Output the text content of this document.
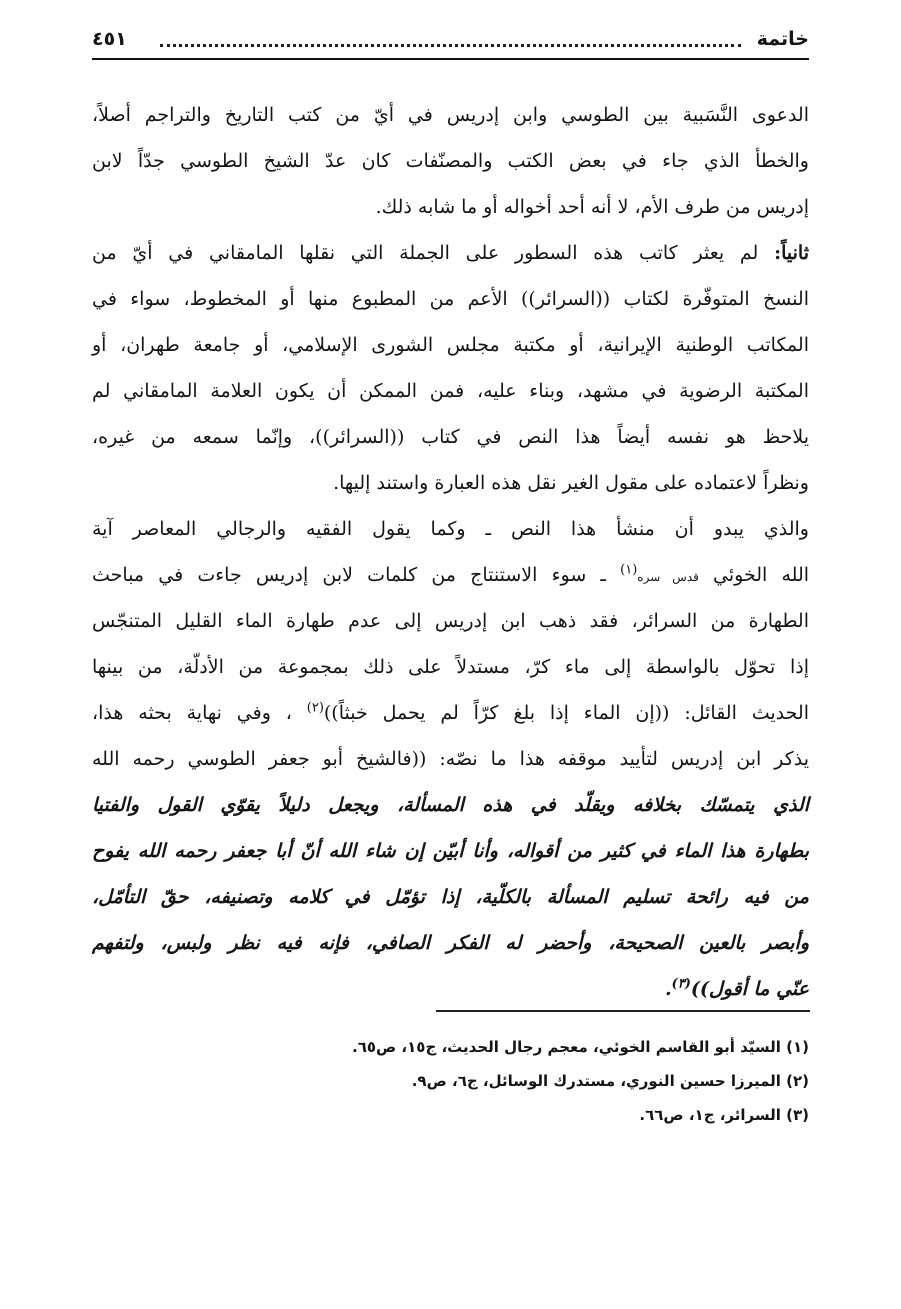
خاتمة
٤٥١
الدعوى النَّسَبية بين الطوسي وابن إدريس في أيّ من كتب التاريخ والتراجم أصلاً،
والخطأ الذي جاء في بعض الكتب والمصنّفات كان عدّ الشيخ الطوسي جدّاً لابن
إدريس من طرف الأم، لا أنه أحد أخواله أو ما شابه ذلك.
ثانياً: لم يعثر كاتب هذه السطور على الجملة التي نقلها المامقاني في أيّ من
النسخ المتوفّرة لكتاب ((السرائر)) الأعم من المطبوع منها أو المخطوط، سواء في
المكاتب الوطنية الإيرانية، أو مكتبة مجلس الشورى الإسلامي، أو جامعة طهران، أو
المكتبة الرضوية في مشهد، وبناء عليه، فمن الممكن أن يكون العلامة المامقاني لم
يلاحظ هو نفسه أيضاً هذا النص في كتاب ((السرائر))، وإنّما سمعه من غيره،
ونظراً لاعتماده على مقول الغير نقل هذه العبارة واستند إليها.
والذي يبدو أن منشأ هذا النص ـ وكما يقول الفقيه والرجالي المعاصر آية
الله الخوئي قدس سره$^{(١)}$ ـ سوء الاستنتاج من كلمات لابن إدريس جاءت في مباحث
الطهارة من السرائر، فقد ذهب ابن إدريس إلى عدم طهارة الماء القليل المتنجّس
إذا تحوّل بالواسطة إلى ماء كرّ، مستدلاً على ذلك بمجموعة من الأدلّة، من بينها
الحديث القائل: ((إن الماء إذا بلغ كرّاً لم يحمل خبثاً))$^{(٢)}$ ، وفي نهاية بحثه هذا،
يذكر ابن إدريس لتأييد موقفه هذا ما نصّه: ((فالشيخ أبو جعفر الطوسي رحمه الله
الذي يتمسّك بخلافه ويقلّد في هذه المسألة، ويجعل دليلاً يقوّي القول والفتيا
بطهارة هذا الماء في كثير من أقواله، وأنا أبيّن إن شاء الله أنّ أبا جعفر رحمه الله يفوح
من فيه رائحة تسليم المسألة بالكلّية، إذا تؤمّل في كلامه وتصنيفه، حقّ التأمّل،
وأبصر بالعين الصحيحة، وأحضر له الفكر الصافي، فإنه فيه نظر ولبس، ولتفهم
عنّي ما أقول))$^{(٣)}$.
(١) السيّد أبو القاسم الخوئي، معجم رجال الحديث، ج١٥، ص٦٥.
(٢) الميرزا حسين النوري، مستدرك الوسائل، ج٦، ص٩.
(٣) السرائر، ج١، ص٦٦.
